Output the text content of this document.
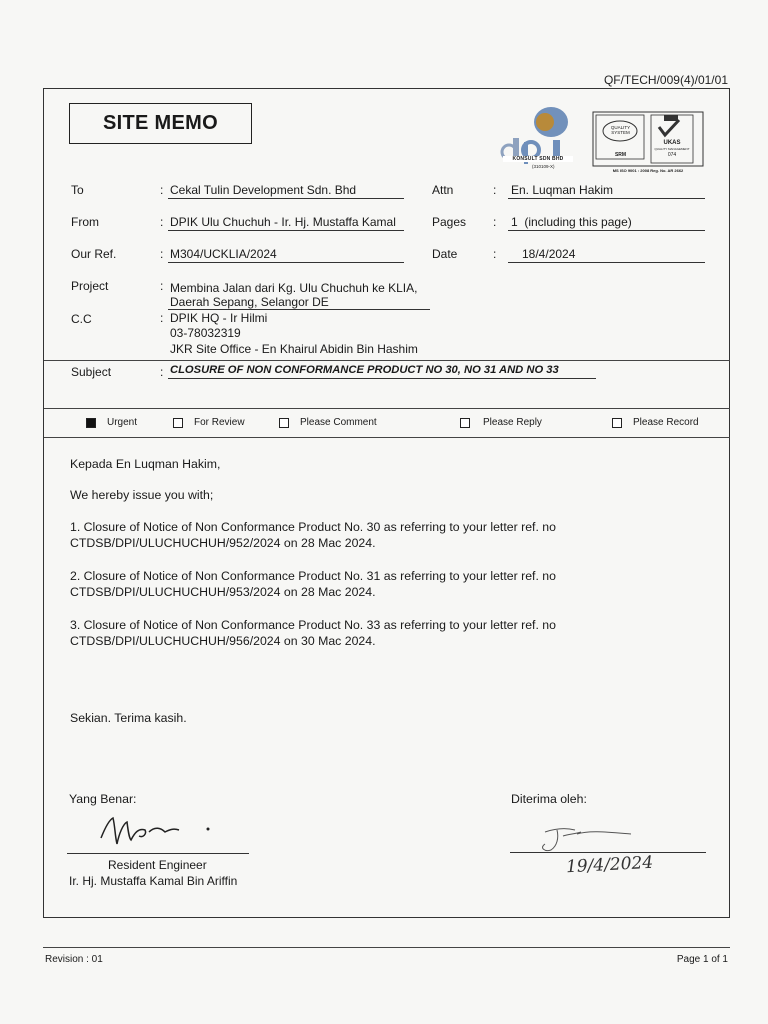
QF/TECH/009(4)/01/01
SITE MEMO	QUALITY SYSTEM
SRM
UKAS
QUALITY MANAGEMENT
074
KONSULT SDN BHD
(310109-X)
MS ISO 9001 : 2008 Reg. No. AR 2662
To	: Cekal Tulin Development Sdn. Bhd	Attn	: En. Luqman Hakim
From	: DPIK Ulu Chuchuh - Ir. Hj. Mustaffa Kamal	Pages : 1  (including this page)
Our Ref.	: M304/UCKLIA/2024	Date	: 18/4/2024
Project	: Membina Jalan dari Kg. Ulu Chuchuh ke KLIA,
Daerah Sepang, Selangor DE
C.C	: DPIK HQ - Ir Hilmi
03-78032319
JKR Site Office - En Khairul Abidin Bin Hashim
Subject	: CLOSURE OF NON CONFORMANCE PRODUCT NO 30, NO 31 AND NO 33
Urgent	For Review	Please Comment	Please Reply	Please Record
Kepada En Luqman Hakim,
We hereby issue you with;
1. Closure of Notice of Non Conformance Product No. 30 as referring to your letter ref. no
CTDSB/DPI/ULUCHUCHUH/952/2024 on 28 Mac 2024.
2. Closure of Notice of Non Conformance Product No. 31 as referring to your letter ref. no
CTDSB/DPI/ULUCHUCHUH/953/2024 on 28 Mac 2024.
3. Closure of Notice of Non Conformance Product No. 33 as referring to your letter ref. no
CTDSB/DPI/ULUCHUCHUH/956/2024 on 30 Mac 2024.
Sekian. Terima kasih.
Yang Benar:
Resident Engineer
Ir. Hj. Mustaffa Kamal Bin Ariffin
Diterima oleh:
19/4/2024
Revision : 01	Page 1 of 1
